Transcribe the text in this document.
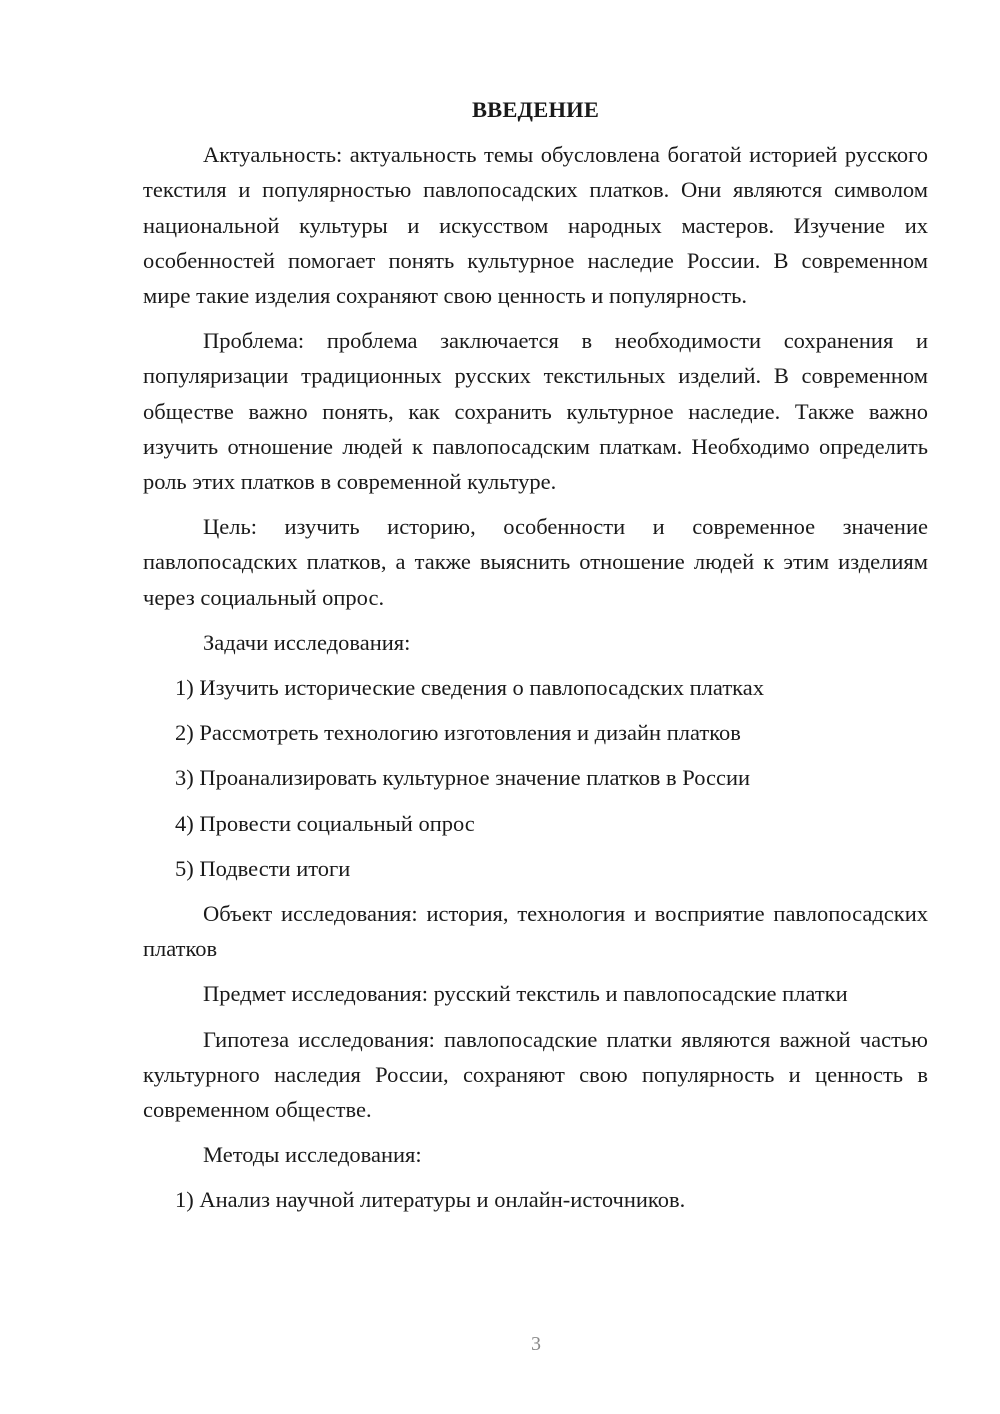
ВВЕДЕНИЕ

Актуальность: актуальность темы обусловлена богатой историей русского текстиля и популярностью павлопосадских платков. Они являются символом национальной культуры и искусством народных мастеров. Изучение их особенностей помогает понять культурное наследие России. В современном мире такие изделия сохраняют свою ценность и популярность.

Проблема: проблема заключается в необходимости сохранения и популяризации традиционных русских текстильных изделий. В современном обществе важно понять, как сохранить культурное наследие. Также важно изучить отношение людей к павлопосадским платкам. Необходимо определить роль этих платков в современной культуре.

Цель: изучить историю, особенности и современное значение павлопосадских платков, а также выяснить отношение людей к этим изделиям через социальный опрос.

Задачи исследования:
1) Изучить исторические сведения о павлопосадских платках
2) Рассмотреть технологию изготовления и дизайн платков
3) Проанализировать культурное значение платков в России
4) Провести социальный опрос
5) Подвести итоги

Объект исследования: история, технология и восприятие павлопосадских платков

Предмет исследования: русский текстиль и павлопосадские платки

Гипотеза исследования: павлопосадские платки являются важной частью культурного наследия России, сохраняют свою популярность и ценность в современном обществе.

Методы исследования:
1) Анализ научной литературы и онлайн-источников.
3
